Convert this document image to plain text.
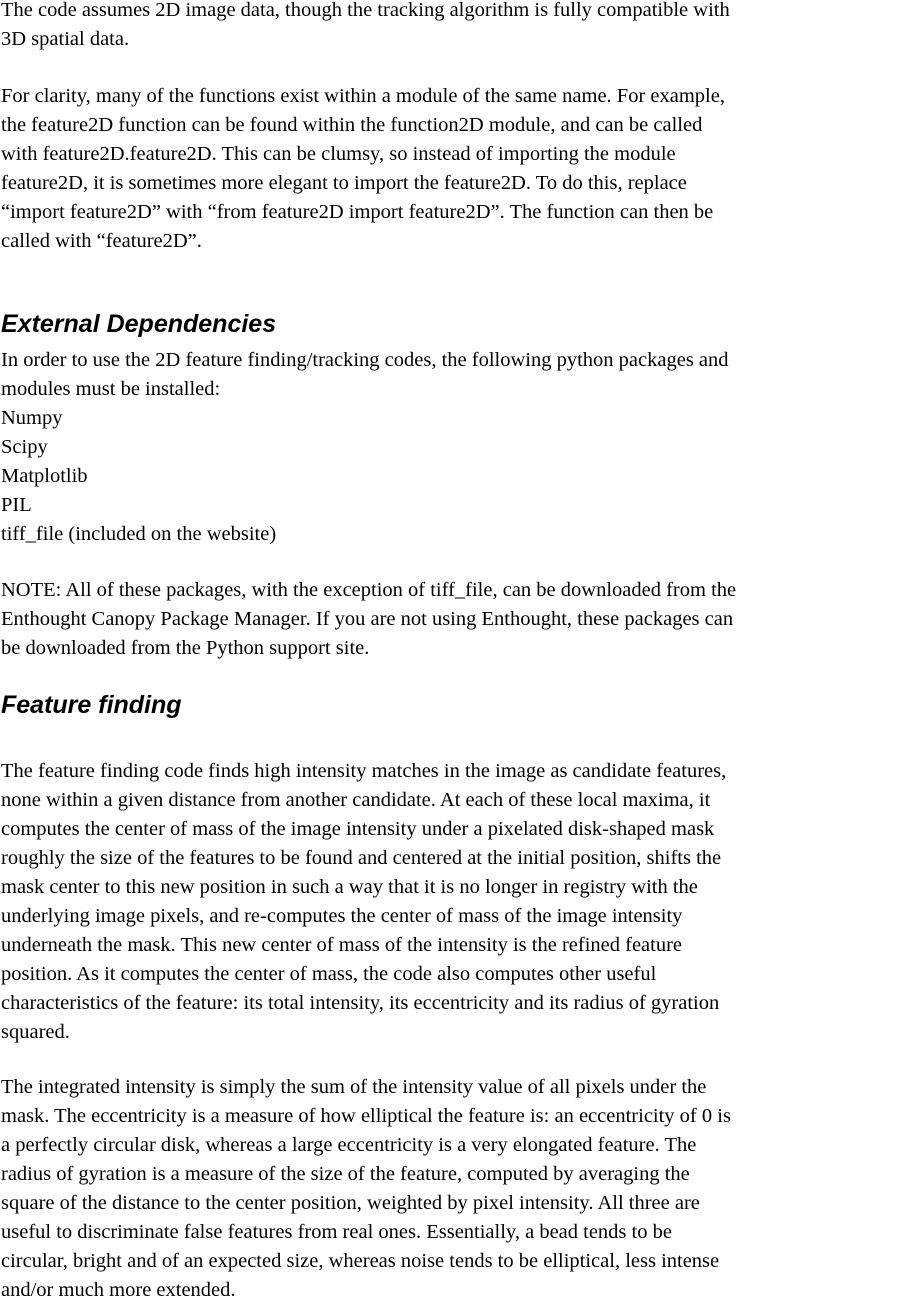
The code assumes 2D image data, though the tracking algorithm is fully compatible with
3D spatial data.

For clarity, many of the functions exist within a module of the same name. For example,
the feature2D function can be found within the function2D module, and can be called
with feature2D.feature2D. This can be clumsy, so instead of importing the module
feature2D, it is sometimes more elegant to import the feature2D. To do this, replace
“import feature2D” with “from feature2D import feature2D”. The function can then be
called with “feature2D”.

External Dependencies

In order to use the 2D feature finding/tracking codes, the following python packages and
modules must be installed:

Numpy
Scipy
Matplotlib
PIL
tiff_file (included on the website)

NOTE: All of these packages, with the exception of tiff_file, can be downloaded from the
Enthought Canopy Package Manager. If you are not using Enthought, these packages can
be downloaded from the Python support site.

Feature finding

The feature finding code finds high intensity matches in the image as candidate features,
none within a given distance from another candidate. At each of these local maxima, it
computes the center of mass of the image intensity under a pixelated disk-shaped mask
roughly the size of the features to be found and centered at the initial position, shifts the
mask center to this new position in such a way that it is no longer in registry with the
underlying image pixels, and re-computes the center of mass of the image intensity
underneath the mask. This new center of mass of the intensity is the refined feature
position. As it computes the center of mass, the code also computes other useful
characteristics of the feature: its total intensity, its eccentricity and its radius of gyration
squared.

The integrated intensity is simply the sum of the intensity value of all pixels under the
mask. The eccentricity is a measure of how elliptical the feature is: an eccentricity of 0 is
a perfectly circular disk, whereas a large eccentricity is a very elongated feature. The
radius of gyration is a measure of the size of the feature, computed by averaging the
square of the distance to the center position, weighted by pixel intensity. All three are
useful to discriminate false features from real ones. Essentially, a bead tends to be
circular, bright and of an expected size, whereas noise tends to be elliptical, less intense
and/or much more extended.
